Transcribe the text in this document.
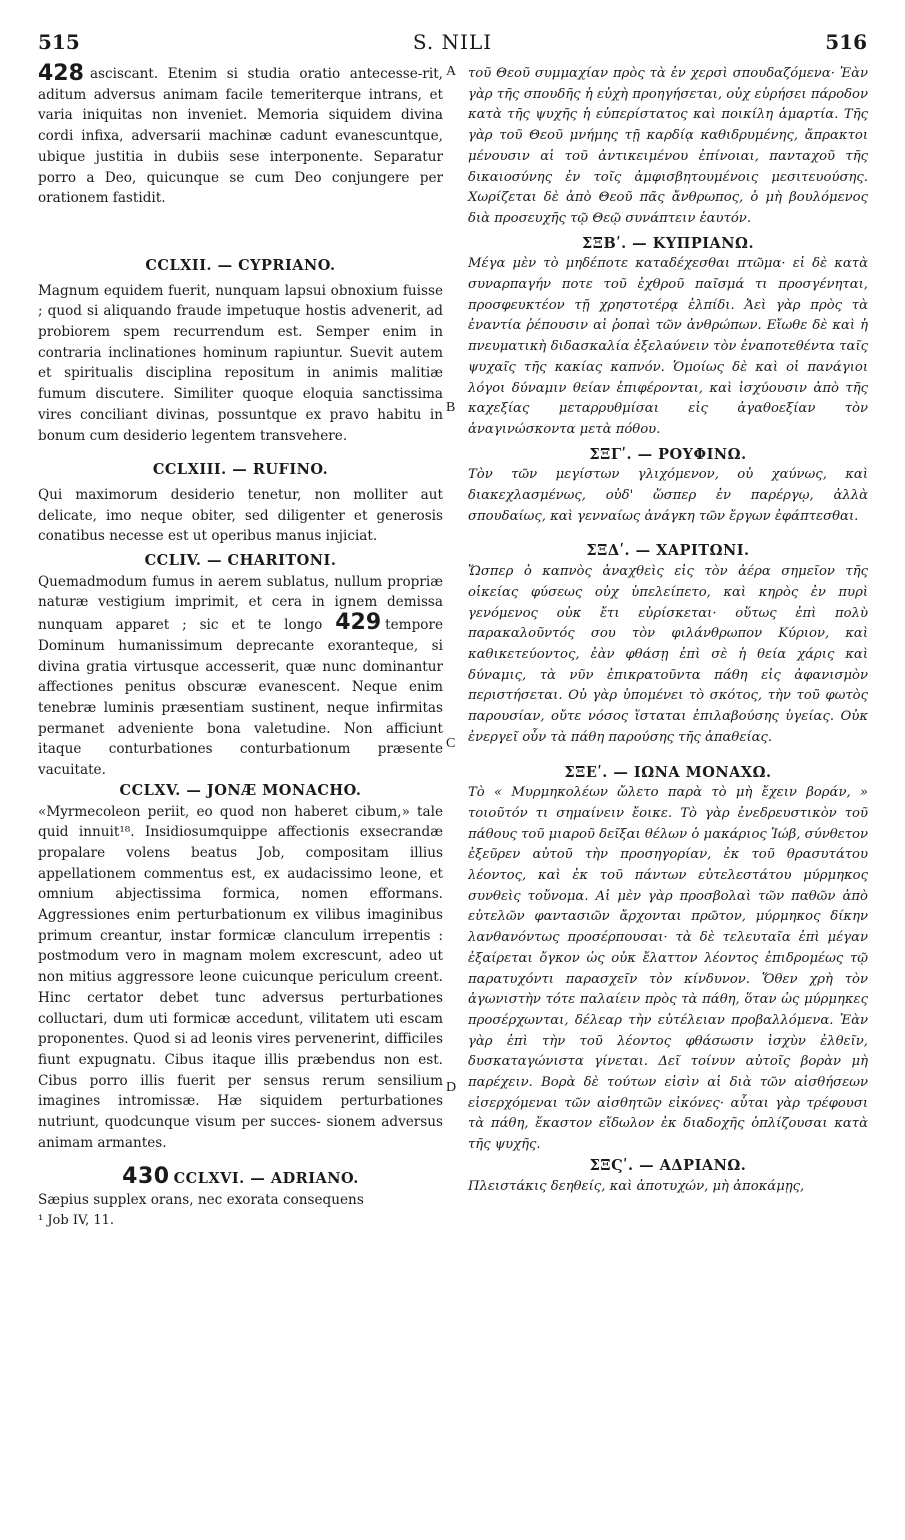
515	S. NILI	516
A
B
C
D

428 asciscant. Etenim si studia oratio antecesse-rit, aditum adversus animam facile temeriterque intrans, et varia iniquitas non inveniet. Memoria siquidem divina cordi infixa, adversarii machinæ cadunt evanescuntque, ubique justitia in dubiis sese interponente. Separatur porro a Deo, quicunque se cum Deo conjungere per orationem fastidit.

CCLXII. — CYPRIANO.

Magnum equidem fuerit, nunquam lapsui obnoxium fuisse ; quod si aliquando fraude impetuque hostis advenerit, ad probiorem spem recurrendum est. Semper enim in contraria inclinationes hominum rapiuntur. Suevit autem et spiritualis disciplina repositum in animis malitiæ fumum discutere. Similiter quoque eloquia sanctissima vires conciliant divinas, possuntque ex pravo habitu in bonum cum desiderio legentem transvehere.

CCLXIII. — RUFINO.

Qui maximorum desiderio tenetur, non molliter aut delicate, imo neque obiter, sed diligenter et generosis conatibus necesse est ut operibus manus injiciat.

CCLIV. — CHARITONI.

Quemadmodum fumus in aerem sublatus, nullum propriæ naturæ vestigium imprimit, et cera in ignem demissa nunquam apparet ; sic et te longo 429 tempore Dominum humanissimum deprecante exoranteque, si divina gratia virtusque accesserit, quæ nunc dominantur affectiones penitus obscuræ evanescent. Neque enim tenebræ luminis præsentiam sustinent, neque infirmitas permanet adveniente bona valetudine. Non afficiunt itaque conturbationes conturbationum præsente vacuitate.

CCLXV. — JONÆ MONACHO.

«Myrmecoleon periit, eo quod non haberet cibum,» tale quid innuit¹⁸. Insidiosumquippe affectionis exsecrandæ propalare volens beatus Job, compositam illius appellationem commentus est, ex audacissimo leone, et omnium abjectissima formica, nomen efformans. Aggressiones enim perturbationum ex vilibus imaginibus primum creantur, instar formicæ clanculum irrepentis : postmodum vero in magnam molem excrescunt, adeo ut non mitius aggressore leone cuicunque periculum creent. Hinc certator debet tunc adversus perturbationes colluctari, dum uti formicæ accedunt, vilitatem uti escam proponentes. Quod si ad leonis vires pervenerint, difficiles fiunt expugnatu. Cibus itaque illis præbendus non est. Cibus porro illis fuerit per sensus rerum sensilium imagines intromissæ. Hæ siquidem perturbationes nutriunt, quodcunque visum per succes- sionem adversus animam armantes.

430 CCLXVI. — ADRIANO.

Sæpius supplex orans, nec exorata consequens

¹ Job IV, 11.

τοῦ Θεοῦ συμμαχίαν πρὸς τὰ ἐν χερσὶ σπουδαζόμενα· Ἐὰν γὰρ τῆς σπουδῆς ἡ εὐχὴ προηγήσεται, οὐχ εὑρήσει πάροδον κατὰ τῆς ψυχῆς ἡ εὐπερίστατος καὶ ποικίλη ἁμαρτία. Τῆς γὰρ τοῦ Θεοῦ μνήμης τῇ καρδίᾳ καθιδρυμένης, ἄπρακτοι μένουσιν αἱ τοῦ ἀντικειμένου ἐπίνοιαι, πανταχοῦ τῆς δικαιοσύνης ἐν τοῖς ἀμφισβητουμένοις μεσιτευούσης. Χωρίζεται δὲ ἀπὸ Θεοῦ πᾶς ἄνθρωπος, ὁ μὴ βουλόμενος διὰ προσευχῆς τῷ Θεῷ συνάπτειν ἑαυτόν.

ΣΞΒʹ. — ΚΥΠΡΙΑΝΩ.

Μέγα μὲν τὸ μηδέποτε καταδέχεσθαι πτῶμα· εἰ δὲ κατὰ συναρπαγήν ποτε τοῦ ἐχθροῦ παῖσμά τι προσγένηται, προσφευκτέον τῇ χρηστοτέρᾳ ἐλπίδι. Ἀεὶ γὰρ πρὸς τὰ ἐναντία ῥέπουσιν αἱ ῥοπαὶ τῶν ἀνθρώπων. Εἴωθε δὲ καὶ ἡ πνευματικὴ διδασκαλία ἐξελαύνειν τὸν ἐναποτεθέντα ταῖς ψυχαῖς τῆς κακίας καπνόν. Ὁμοίως δὲ καὶ οἱ πανάγιοι λόγοι δύναμιν θείαν ἐπιφέρονται, καὶ ἰσχύουσιν ἀπὸ τῆς καχεξίας μεταρρυθμίσαι εἰς ἀγαθοεξίαν τὸν ἀναγινώσκοντα μετὰ πόθου.

ΣΞΓʹ. — ΡΟΥΦΙΝΩ.

Τὸν τῶν μεγίστων γλιχόμενον, οὐ χαύνως, καὶ διακεχλασμένως, οὐδ' ὥσπερ ἐν παρέργῳ, ἀλλὰ σπουδαίως, καὶ γενναίως ἀνάγκη τῶν ἔργων ἐφάπτεσθαι.

ΣΞΔʹ. — ΧΑΡΙΤΩΝΙ.

Ὥσπερ ὁ καπνὸς ἀναχθεὶς εἰς τὸν ἀέρα σημεῖον τῆς οἰκείας φύσεως οὐχ ὑπελείπετο, καὶ κηρὸς ἐν πυρὶ γενόμενος οὐκ ἔτι εὑρίσκεται· οὕτως ἐπὶ πολὺ παρακαλοῦντός σου τὸν φιλάνθρωπον Κύριον, καὶ καθικετεύοντος, ἐὰν φθάσῃ ἐπὶ σὲ ἡ θεία χάρις καὶ δύναμις, τὰ νῦν ἐπικρατοῦντα πάθη εἰς ἀφανισμὸν περιστήσεται. Οὐ γὰρ ὑπομένει τὸ σκότος, τὴν τοῦ φωτὸς παρουσίαν, οὔτε νόσος ἵσταται ἐπιλαβούσης ὑγείας. Οὐκ ἐνεργεῖ οὖν τὰ πάθη παρούσης τῆς ἀπαθείας.

ΣΞΕʹ. — ΙΩΝΑ ΜΟΝΑΧΩ.

Τὸ « Μυρμηκολέων ὤλετο παρὰ τὸ μὴ ἔχειν βοράν, » τοιοῦτόν τι σημαίνειν ἔοικε. Τὸ γὰρ ἐνεδρευστικὸν τοῦ πάθους τοῦ μιαροῦ δεῖξαι θέλων ὁ μακάριος Ἰώβ, σύνθετον ἐξεῦρεν αὐτοῦ τὴν προσηγορίαν, ἐκ τοῦ θρασυτάτου λέοντος, καὶ ἐκ τοῦ πάντων εὐτελεστάτου μύρμηκος συνθεὶς τοὔνομα. Αἱ μὲν γὰρ προσβολαὶ τῶν παθῶν ἀπὸ εὐτελῶν φαντασιῶν ἄρχονται πρῶτον, μύρμηκος δίκην λανθανόντως προσέρπουσαι· τὰ δὲ τελευταῖα ἐπὶ μέγαν ἐξαίρεται ὄγκον ὡς οὐκ ἔλαττον λέοντος ἐπιδρομέως τῷ παρατυχόντι παρασχεῖν τὸν κίνδυνον. Ὅθεν χρὴ τὸν ἀγωνιστὴν τότε παλαίειν πρὸς τὰ πάθη, ὅταν ὡς μύρμηκες προσέρχωνται, δέλεαρ τὴν εὐτέλειαν προβαλλόμενα. Ἐὰν γὰρ ἐπὶ τὴν τοῦ λέοντος φθάσωσιν ἰσχὺν ἐλθεῖν, δυσκαταγώνιστα γίνεται. Δεῖ τοίνυν αὐτοῖς βορὰν μὴ παρέχειν. Βορὰ δὲ τούτων εἰσὶν αἱ διὰ τῶν αἰσθήσεων εἰσερχόμεναι τῶν αἰσθητῶν εἰκόνες· αὗται γὰρ τρέφουσι τὰ πάθη, ἕκαστον εἴδωλον ἐκ διαδοχῆς ὁπλίζουσαι κατὰ τῆς ψυχῆς.

ΣΞϚʹ. — ΑΔΡΙΑΝΩ.

Πλειστάκις δεηθείς, καὶ ἀποτυχών, μὴ ἀποκάμῃς,
